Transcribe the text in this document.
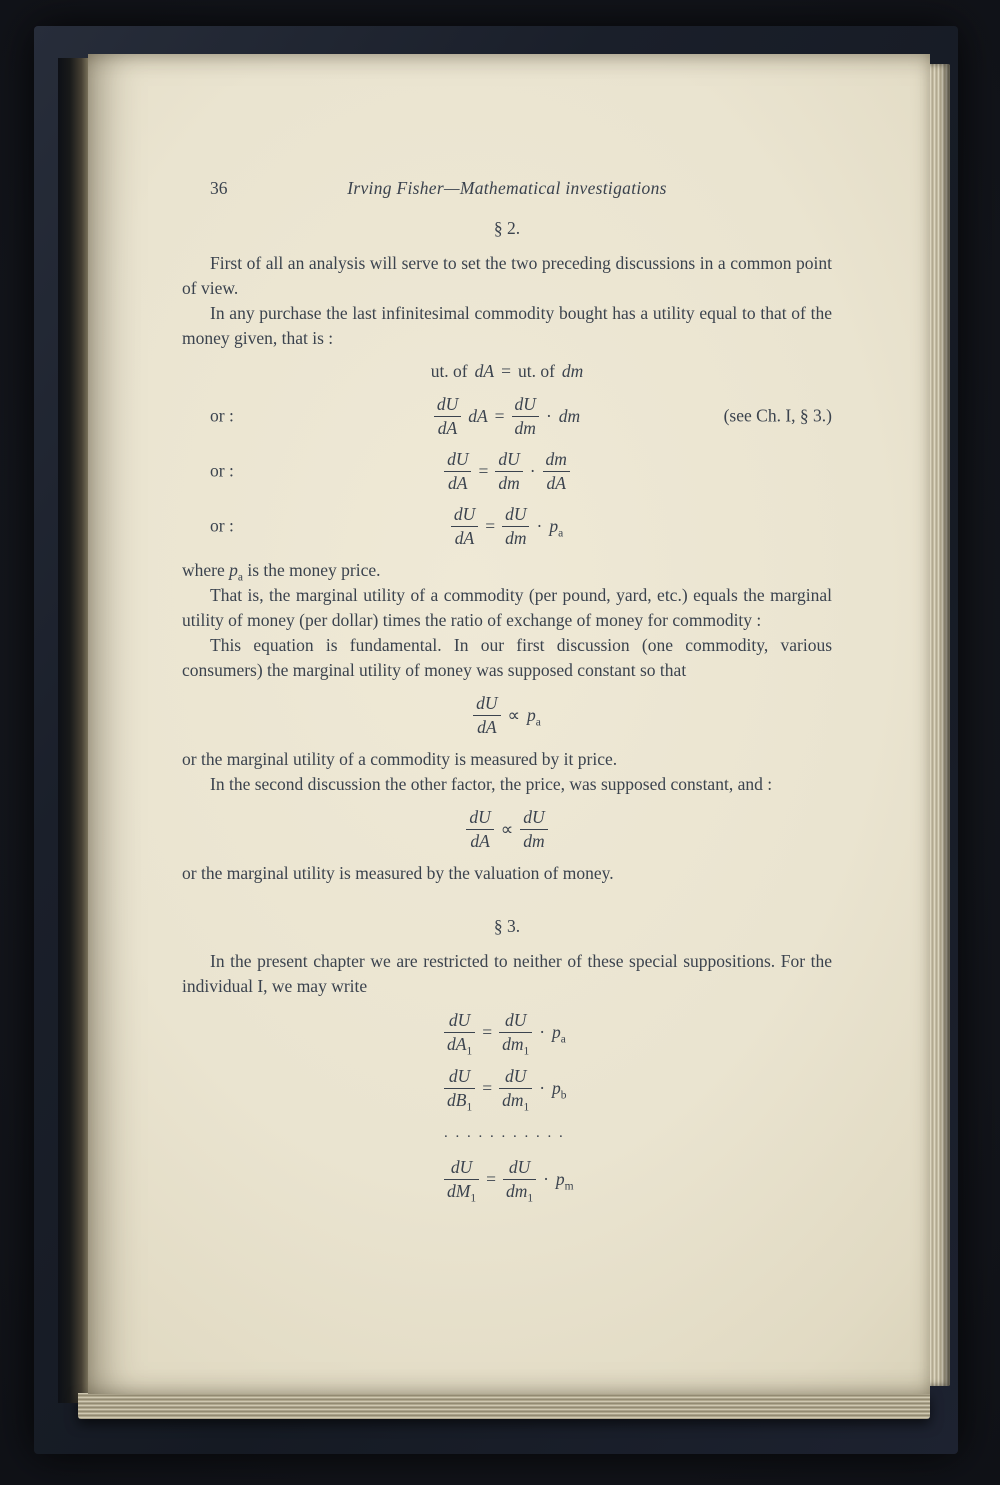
36	Irving Fisher—Mathematical investigations
§ 2.

First of all an analysis will serve to set the two preceding discussions in a common point of view.

In any purchase the last infinitesimal commodity bought has a utility equal to that of the money given, that is :

ut. of dA = ut. of dm
or :	$\frac{dU}{dA}$ dA = $\frac{dU}{dm}$ · dm	(see Ch. I, § 3.)
or :	$\frac{dU}{dA} = \frac{dU}{dm} \cdot \frac{dm}{dA}$
or :	$\frac{dU}{dA} = \frac{dU}{dm} \cdot p_a$

where $p_a$ is the money price.

That is, the marginal utility of a commodity (per pound, yard, etc.) equals the marginal utility of money (per dollar) times the ratio of exchange of money for commodity :

This equation is fundamental. In our first discussion (one commodity, various consumers) the marginal utility of money was supposed constant so that

$\frac{dU}{dA} \propto p_a$

or the marginal utility of a commodity is measured by it price.

In the second discussion the other factor, the price, was supposed constant, and :

$\frac{dU}{dA} \propto \frac{dU}{dm}$

or the marginal utility is measured by the valuation of money.

§ 3.

In the present chapter we are restricted to neither of these special suppositions. For the individual I, we may write

$\frac{dU}{dA_1} = \frac{dU}{dm_1} \cdot p_a$
$\frac{dU}{dB_1} = \frac{dU}{dm_1} \cdot p_b$
. . . . . . . . . . .
$\frac{dU}{dM_1} = \frac{dU}{dm_1} \cdot p_m$
